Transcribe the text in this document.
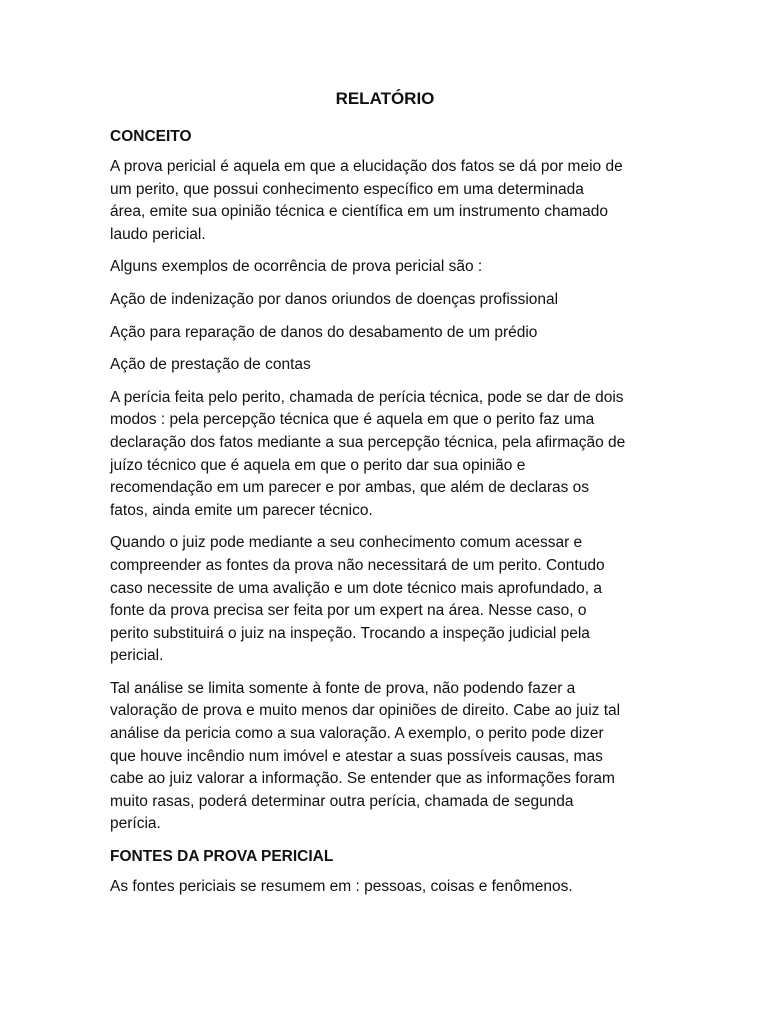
RELATÓRIO
CONCEITO
A prova pericial é aquela em que a elucidação dos fatos se dá por meio de
um perito, que possui conhecimento específico em uma determinada
área, emite sua opinião técnica e científica em um instrumento chamado
laudo pericial.
Alguns exemplos de ocorrência de prova pericial são :
Ação de indenização por danos oriundos de doenças profissional
Ação para reparação de danos do desabamento de um prédio
Ação de prestação de contas
A perícia feita pelo perito, chamada de perícia técnica, pode se dar de dois
modos : pela percepção técnica que é aquela em que o perito faz uma
declaração dos fatos mediante a sua percepção técnica, pela afirmação de
juízo técnico que é aquela em que o perito dar sua opinião e
recomendação em um parecer e por ambas, que além de declaras os
fatos, ainda emite um parecer técnico.
Quando o juiz pode mediante a seu conhecimento comum acessar e
compreender as fontes da prova não necessitará de um perito. Contudo
caso necessite de uma avalição e um dote técnico mais aprofundado, a
fonte da prova precisa ser feita por um expert na área. Nesse caso, o
perito substituirá o juiz na inspeção. Trocando a inspeção judicial pela
pericial.
Tal análise se limita somente à fonte de prova, não podendo fazer a
valoração de prova e muito menos dar opiniões de direito. Cabe ao juiz tal
análise da pericia como a sua valoração. A exemplo, o perito pode dizer
que houve incêndio num imóvel e atestar a suas possíveis causas, mas
cabe ao juiz valorar a informação. Se entender que as informações foram
muito rasas, poderá determinar outra perícia, chamada de segunda
perícia.
FONTES DA PROVA PERICIAL
As fontes periciais se resumem em : pessoas, coisas e fenômenos.
